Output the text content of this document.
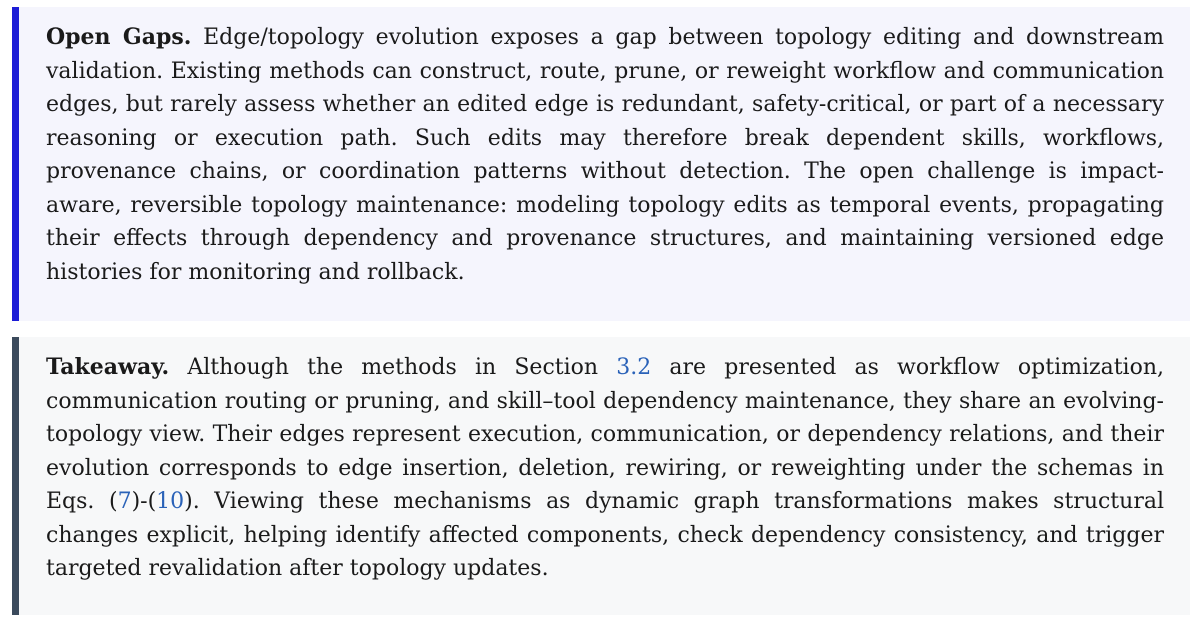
Open Gaps. Edge/topology evolution exposes a gap between topology editing and downstream validation. Existing methods can construct, route, prune, or reweight workflow and communication edges, but rarely assess whether an edited edge is redundant, safety-critical, or part of a necessary reasoning or execution path. Such edits may therefore break dependent skills, workflows, provenance chains, or coordination patterns without detection. The open challenge is impact-aware, reversible topology maintenance: modeling topology edits as temporal events, propagating their effects through dependency and provenance structures, and maintaining versioned edge histories for monitoring and rollback.

Takeaway. Although the methods in Section 3.2 are presented as workflow optimization, communication routing or pruning, and skill–tool dependency maintenance, they share an evolving-topology view. Their edges represent execution, communication, or dependency relations, and their evolution corresponds to edge insertion, deletion, rewiring, or reweighting under the schemas in Eqs. (7)-(10). Viewing these mechanisms as dynamic graph transformations makes structural changes explicit, helping identify affected components, check dependency consistency, and trigger targeted revalidation after topology updates.
